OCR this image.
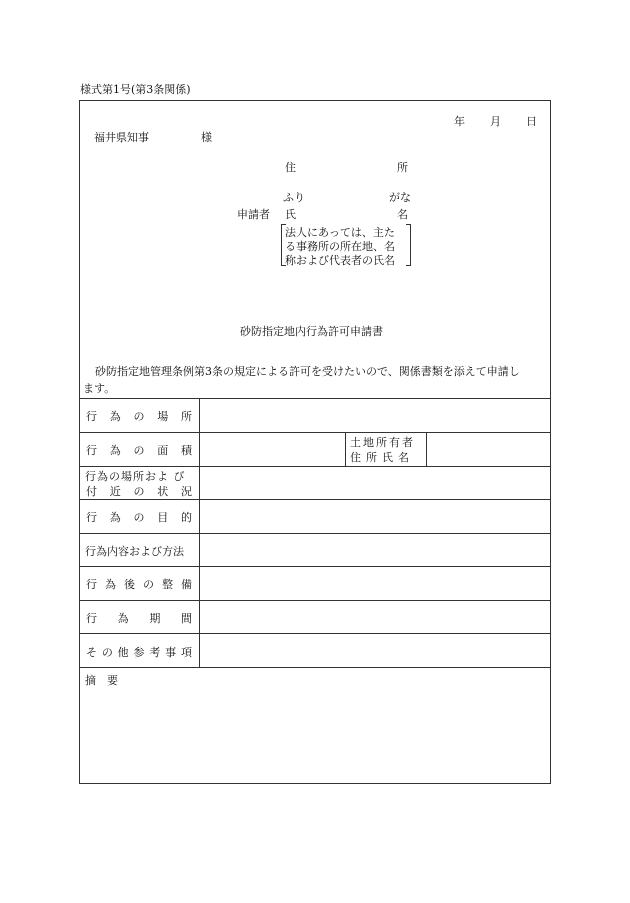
様式第1号(第3条関係)
年 月 日
福井県知事	様
住	所
ふり	がな
申請者 氏	名
法人にあっては、主た
る事務所の所在地、名
称および代表者の氏名
砂防指定地内行為許可申請書
砂防指定地管理条例第3条の規定による許可を受けたいので、関係書類を添えて申請し
ます。
行 為 の 場 所
行 為 の 面 積
土地所有者
住所氏名
行為の場所およ び
付 近 の 状 況
行 為 の 目 的
行為内容および方法
行 為 後 の 整 備
行 為 期 間
そ の 他 参 考 事 項
摘　要
